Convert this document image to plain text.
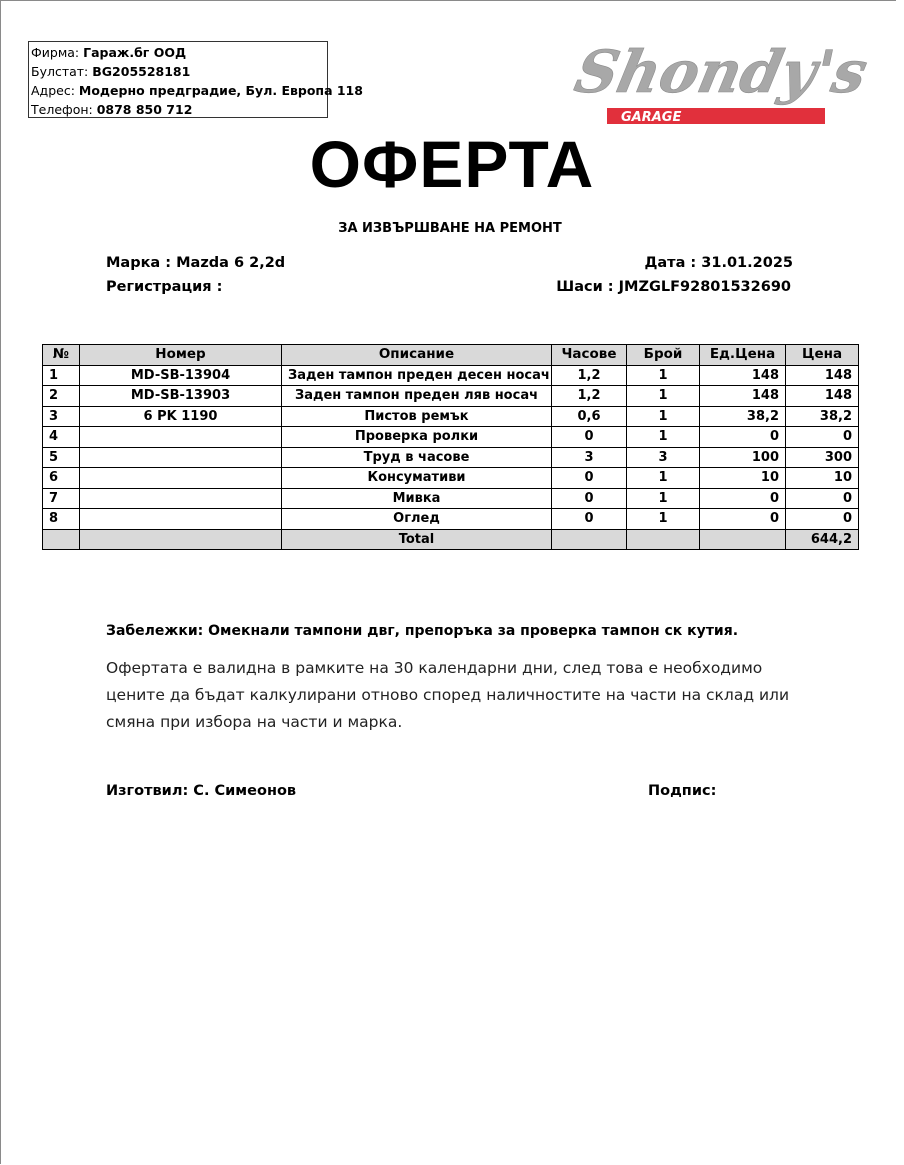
Фирма: Гараж.бг ООД
Булстат: BG205528181
Адрес: Модерно предградие, Бул. Европа 118
Телефон: 0878 850 712
Shondy's
GARAGE
ОФЕРТА
ЗА ИЗВЪРШВАНЕ НА РЕМОНТ
Марка : Mazda 6 2,2d
Регистрация :
Дата : 31.01.2025
Шаси : JMZGLF92801532690
№	Номер	Описание	Часове	Брой	Ед.Цена	Цена
1	MD-SB-13904	Заден тампон преден десен носач	1,2	1	148	148
2	MD-SB-13903	Заден тампон преден ляв носач	1,2	1	148	148
3	6 PK 1190	Пистов ремък	0,6	1	38,2	38,2
4		Проверка ролки	0	1	0	0
5		Труд в часове	3	3	100	300
6		Консумативи	0	1	10	10
7		Мивка	0	1	0	0
8		Оглед	0	1	0	0
		Total				644,2
Забележки: Омекнали тампони двг, препоръка за проверка тампон ск кутия.
Офертата е валидна в рамките на 30 календарни дни, след това е необходимо цените да бъдат калкулирани отново според наличностите на части на склад или смяна при избора на части и марка.
Изготвил: С. Симеонов	Подпис:
